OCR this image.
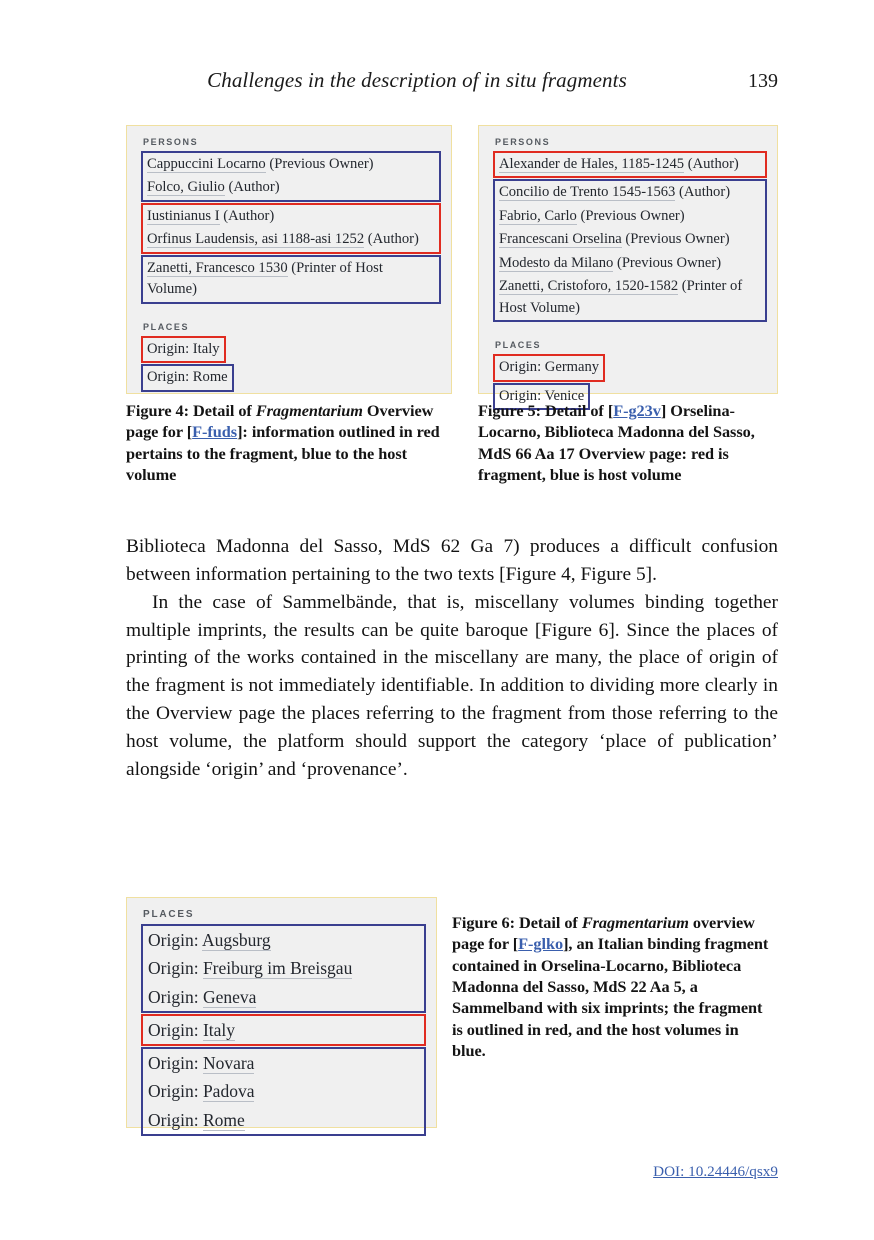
Challenges in the description of in situ fragments	139
PERSONS
Cappuccini Locarno (Previous Owner)
Folco, Giulio (Author)
Iustinianus I (Author)
Orfinus Laudensis, asi 1188-asi 1252 (Author)
Zanetti, Francesco 1530 (Printer of Host Volume)
PLACES
Origin: Italy
Origin: Rome
PERSONS
Alexander de Hales, 1185-1245 (Author)
Concilio de Trento 1545-1563 (Author)
Fabrio, Carlo (Previous Owner)
Francescani Orselina (Previous Owner)
Modesto da Milano (Previous Owner)
Zanetti, Cristoforo, 1520-1582 (Printer of Host Volume)
PLACES
Origin: Germany
Origin: Venice
Figure 4: Detail of Fragmentarium Overview page for [F-fuds]: information outlined in red pertains to the fragment, blue to the host volume
Figure 5: Detail of [F-g23v] Orselina-Locarno, Biblioteca Madonna del Sasso, MdS 66 Aa 17 Overview page: red is fragment, blue is host volume

Biblioteca Madonna del Sasso, MdS 62 Ga 7) produces a difficult confusion between information pertaining to the two texts [Figure 4, Figure 5].

In the case of Sammelbände, that is, miscellany volumes binding together multiple imprints, the results can be quite baroque [Figure 6]. Since the places of printing of the works contained in the miscellany are many, the place of origin of the fragment is not immediately identifiable. In addition to dividing more clearly in the Overview page the places referring to the fragment from those referring to the host volume, the platform should support the category ‘place of publication’ alongside ‘origin’ and ‘provenance’.

PLACES
Origin: Augsburg
Origin: Freiburg im Breisgau
Origin: Geneva
Origin: Italy
Origin: Novara
Origin: Padova
Origin: Rome
Figure 6: Detail of Fragmentarium overview page for [F-glko], an Italian binding fragment contained in Orselina-Locarno, Biblioteca Madonna del Sasso, MdS 22 Aa 5, a Sammelband with six imprints; the fragment is outlined in red, and the host volumes in blue.
DOI: 10.24446/qsx9
